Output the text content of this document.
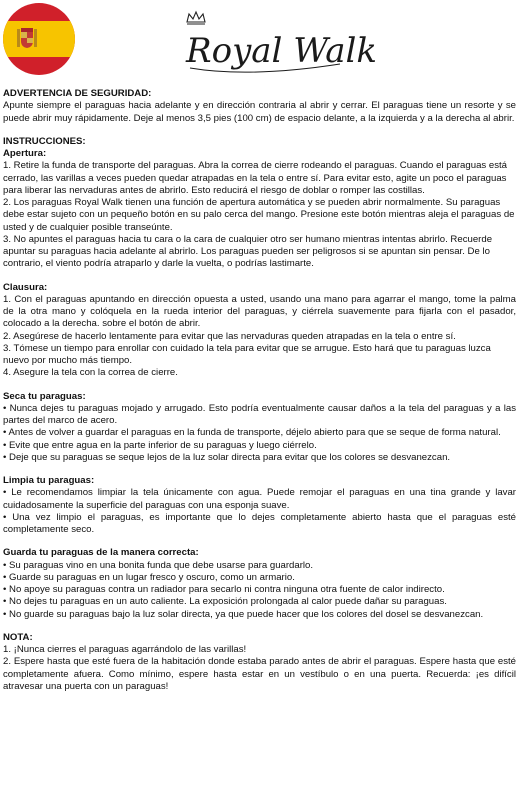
Royal Walk

ADVERTENCIA DE SEGURIDAD:

Apunte siempre el paraguas hacia adelante y en dirección contraria al abrir y cerrar. El paraguas tiene un resorte y se puede abrir muy rápidamente. Deje al menos 3,5 pies (100 cm) de espacio delante, a la izquierda y a la derecha al abrir.

INSTRUCCIONES:

Apertura:

1. Retire la funda de transporte del paraguas. Abra la correa de cierre rodeando el paraguas. Cuando el paraguas está cerrado, las varillas a veces pueden quedar atrapadas en la tela o entre sí. Para evitar esto, agite un poco el paraguas para liberar las nervaduras antes de abrirlo. Esto reducirá el riesgo de doblar o romper las costillas.

2. Los paraguas Royal Walk tienen una función de apertura automática y se pueden abrir normalmente. Su paraguas debe estar sujeto con un pequeño botón en su palo cerca del mango. Presione este botón mientras aleja el paraguas de usted y de cualquier posible transeúnte.

3. No apuntes el paraguas hacia tu cara o la cara de cualquier otro ser humano mientras intentas abrirlo. Recuerde apuntar su paraguas hacia adelante al abrirlo. Los paraguas pueden ser peligrosos si se apuntan sin pensar. De lo contrario, el viento podría atraparlo y darle la vuelta, o podrías lastimarte.

Clausura:

1. Con el paraguas apuntando en dirección opuesta a usted, usando una mano para agarrar el mango, tome la palma de la otra mano y colóquela en la rueda interior del paraguas, y ciérrela suavemente para fijarla con el pasador, colocado a la derecha. sobre el botón de abrir.

2. Asegúrese de hacerlo lentamente para evitar que las nervaduras queden atrapadas en la tela o entre sí.

3. Tómese un tiempo para enrollar con cuidado la tela para evitar que se arrugue. Esto hará que tu paraguas luzca nuevo por mucho más tiempo.

4. Asegure la tela con la correa de cierre.

Seca tu paraguas:

• Nunca dejes tu paraguas mojado y arrugado. Esto podría eventualmente causar daños a la tela del paraguas y a las partes del marco de acero.

• Antes de volver a guardar el paraguas en la funda de transporte, déjelo abierto para que se seque de forma natural.

• Evite que entre agua en la parte inferior de su paraguas y luego ciérrelo.

• Deje que su paraguas se seque lejos de la luz solar directa para evitar que los colores se desvanezcan.

Limpia tu paraguas:

• Le recomendamos limpiar la tela únicamente con agua. Puede remojar el paraguas en una tina grande y lavar cuidadosamente la superficie del paraguas con una esponja suave.

• Una vez limpio el paraguas, es importante que lo dejes completamente abierto hasta que el paraguas esté completamente seco.

Guarda tu paraguas de la manera correcta:

• Su paraguas vino en una bonita funda que debe usarse para guardarlo.

• Guarde su paraguas en un lugar fresco y oscuro, como un armario.

• No apoye su paraguas contra un radiador para secarlo ni contra ninguna otra fuente de calor indirecto.

• No dejes tu paraguas en un auto caliente. La exposición prolongada al calor puede dañar su paraguas.

• No guarde su paraguas bajo la luz solar directa, ya que puede hacer que los colores del dosel se desvanezcan.

NOTA:

1. ¡Nunca cierres el paraguas agarrándolo de las varillas!

2. Espere hasta que esté fuera de la habitación donde estaba parado antes de abrir el paraguas. Espere hasta que esté completamente afuera. Como mínimo, espere hasta estar en un vestíbulo o en una puerta. Recuerda: ¡es difícil atravesar una puerta con un paraguas!
